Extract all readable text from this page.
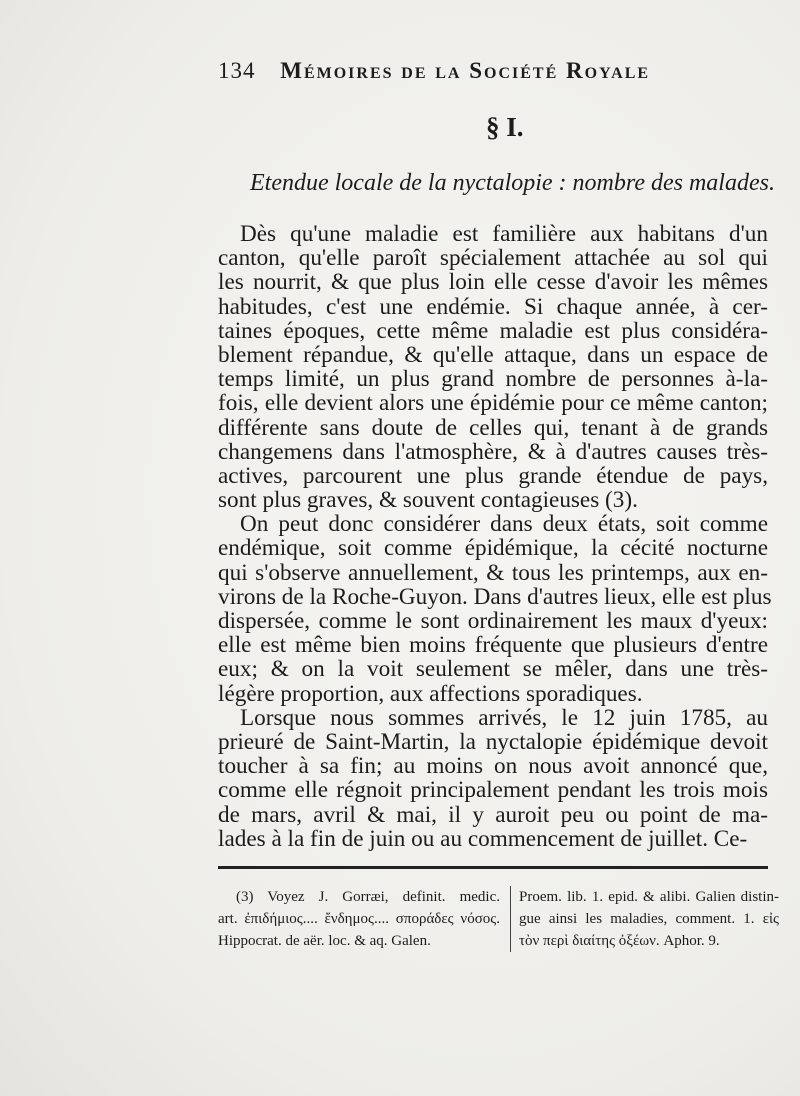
134 Mémoires de la Société Royale
§ I.
Etendue locale de la nyctalopie : nombre des malades.
Dès qu'une maladie est familière aux habitans d'un
canton, qu'elle paroît spécialement attachée au sol qui
les nourrit, & que plus loin elle cesse d'avoir les mêmes
habitudes, c'est une endémie. Si chaque année, à cer-
taines époques, cette même maladie est plus considéra-
blement répandue, & qu'elle attaque, dans un espace de
temps limité, un plus grand nombre de personnes à-la-
fois, elle devient alors une épidémie pour ce même canton;
différente sans doute de celles qui, tenant à de grands
changemens dans l'atmosphère, & à d'autres causes très-
actives, parcourent une plus grande étendue de pays,
sont plus graves, & souvent contagieuses (3).
On peut donc considérer dans deux états, soit comme
endémique, soit comme épidémique, la cécité nocturne
qui s'observe annuellement, & tous les printemps, aux en-
virons de la Roche-Guyon. Dans d'autres lieux, elle est plus
dispersée, comme le sont ordinairement les maux d'yeux:
elle est même bien moins fréquente que plusieurs d'entre
eux; & on la voit seulement se mêler, dans une très-
légère proportion, aux affections sporadiques.
Lorsque nous sommes arrivés, le 12 juin 1785, au
prieuré de Saint-Martin, la nyctalopie épidémique devoit
toucher à sa fin; au moins on nous avoit annoncé que,
comme elle régnoit principalement pendant les trois mois
de mars, avril & mai, il y auroit peu ou point de ma-
lades à la fin de juin ou au commencement de juillet. Ce-
(3) Voyez J. Gorræi, definit. medic.
art. ἐπιδήμιος.... ἔνδημος.... σποράδες νόσος.
Hippocrat. de aër. loc. & aq. Galen.
Proem. lib. 1. epid. & alibi. Galien distin-
gue ainsi les maladies, comment. 1. εἰς
τὸν περὶ διαίτης ὀξέων. Aphor. 9.
